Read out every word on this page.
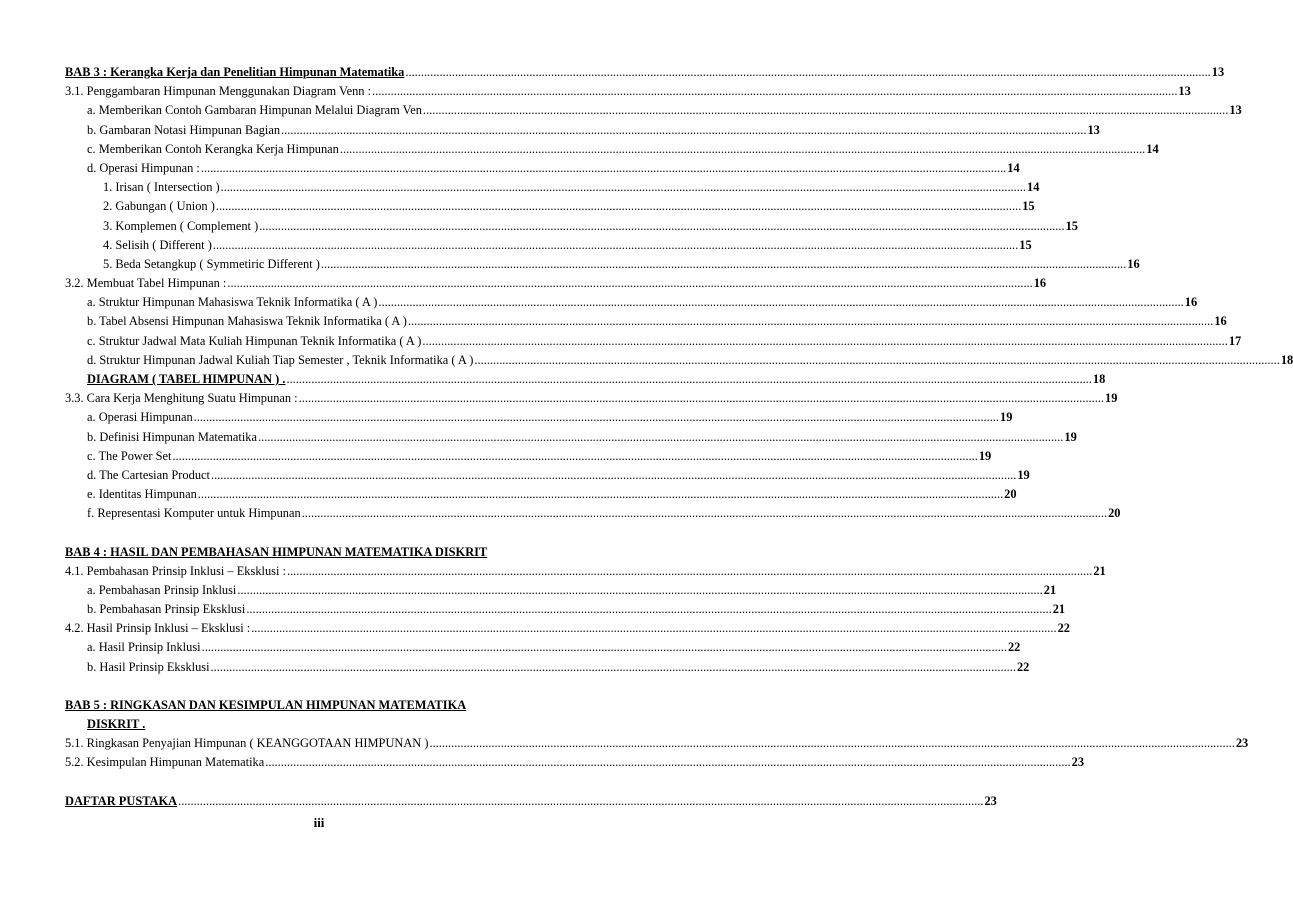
BAB 3 : Kerangka Kerja dan Penelitian Himpunan Matematika .................................................................................................................................................................................................................................................................... 13
3.1. Penggambaran Himpunan Menggunakan Diagram Venn : .................................................................................................................................................................................................................................................................... 13
a. Memberikan Contoh Gambaran Himpunan Melalui Diagram Ven .................................................................................................................................................................................................................................................................... 13
b. Gambaran Notasi Himpunan Bagian .................................................................................................................................................................................................................................................................... 13
c. Memberikan Contoh Kerangka Kerja Himpunan .................................................................................................................................................................................................................................................................... 14
d. Operasi Himpunan : .................................................................................................................................................................................................................................................................... 14
1. Irisan ( Intersection ) .................................................................................................................................................................................................................................................................... 14
2. Gabungan ( Union ) .................................................................................................................................................................................................................................................................... 15
3. Komplemen ( Complement ) .................................................................................................................................................................................................................................................................... 15
4. Selisih ( Different ) .................................................................................................................................................................................................................................................................... 15
5. Beda Setangkup ( Symmetiric Different ) .................................................................................................................................................................................................................................................................... 16
3.2. Membuat Tabel Himpunan : .................................................................................................................................................................................................................................................................... 16
a. Struktur Himpunan Mahasiswa Teknik Informatika ( A ) .................................................................................................................................................................................................................................................................... 16
b. Tabel Absensi Himpunan Mahasiswa Teknik Informatika ( A ) .................................................................................................................................................................................................................................................................... 16
c. Struktur Jadwal Mata Kuliah Himpunan Teknik Informatika ( A ) .................................................................................................................................................................................................................................................................... 17
d. Struktur Himpunan Jadwal Kuliah Tiap Semester , Teknik Informatika ( A ) .................................................................................................................................................................................................................................................................... 18
DIAGRAM ( TABEL HIMPUNAN ) . .................................................................................................................................................................................................................................................................... 18
3.3. Cara Kerja Menghitung Suatu Himpunan : .................................................................................................................................................................................................................................................................... 19
a. Operasi Himpunan .................................................................................................................................................................................................................................................................... 19
b. Definisi Himpunan Matematika .................................................................................................................................................................................................................................................................... 19
c. The Power Set .................................................................................................................................................................................................................................................................... 19
d. The Cartesian Product .................................................................................................................................................................................................................................................................... 19
e. Identitas Himpunan .................................................................................................................................................................................................................................................................... 20
f. Representasi Komputer untuk Himpunan .................................................................................................................................................................................................................................................................... 20
BAB 4 : HASIL DAN PEMBAHASAN HIMPUNAN MATEMATIKA DISKRIT
4.1. Pembahasan Prinsip Inklusi – Eksklusi : .................................................................................................................................................................................................................................................................... 21
a. Pembahasan Prinsip Inklusi .................................................................................................................................................................................................................................................................... 21
b. Pembahasan Prinsip Eksklusi .................................................................................................................................................................................................................................................................... 21
4.2. Hasil Prinsip Inklusi – Eksklusi : .................................................................................................................................................................................................................................................................... 22
a. Hasil Prinsip Inklusi .................................................................................................................................................................................................................................................................... 22
b. Hasil Prinsip Eksklusi .................................................................................................................................................................................................................................................................... 22
BAB 5 : RINGKASAN DAN KESIMPULAN HIMPUNAN MATEMATIKA
DISKRIT .
5.1. Ringkasan Penyajian Himpunan ( KEANGGOTAAN HIMPUNAN ) .................................................................................................................................................................................................................................................................... 23
5.2. Kesimpulan Himpunan Matematika .................................................................................................................................................................................................................................................................... 23
DAFTAR PUSTAKA .................................................................................................................................................................................................................................................................... 23
iii
